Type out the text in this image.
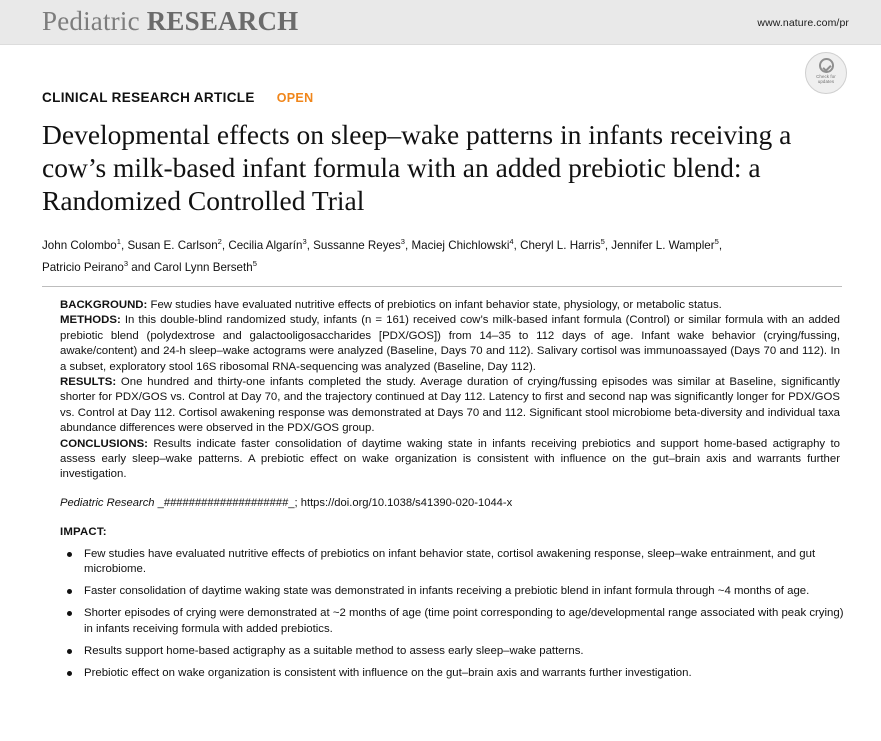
Pediatric RESEARCH	www.nature.com/pr
Check for
updates
CLINICAL RESEARCH ARTICLE OPEN
Developmental effects on sleep–wake patterns in infants receiving a cow’s milk-based infant formula with an added prebiotic blend: a Randomized Controlled Trial
John Colombo$^1$, Susan E. Carlson$^2$, Cecilia Algarín$^3$, Sussanne Reyes$^3$, Maciej Chichlowski$^4$, Cheryl L. Harris$^5$, Jennifer L. Wampler$^5$,
Patricio Peirano$^3$ and Carol Lynn Berseth$^5$

BACKGROUND: Few studies have evaluated nutritive effects of prebiotics on infant behavior state, physiology, or metabolic status.

METHODS: In this double-blind randomized study, infants (n = 161) received cow’s milk-based infant formula (Control) or similar formula with an added prebiotic blend (polydextrose and galactooligosaccharides [PDX/GOS]) from 14–35 to 112 days of age. Infant wake behavior (crying/fussing, awake/content) and 24-h sleep–wake actograms were analyzed (Baseline, Days 70 and 112). Salivary cortisol was immunoassayed (Days 70 and 112). In a subset, exploratory stool 16S ribosomal RNA-sequencing was analyzed (Baseline, Day 112).

RESULTS: One hundred and thirty-one infants completed the study. Average duration of crying/fussing episodes was similar at Baseline, significantly shorter for PDX/GOS vs. Control at Day 70, and the trajectory continued at Day 112. Latency to first and second nap was significantly longer for PDX/GOS vs. Control at Day 112. Cortisol awakening response was demonstrated at Days 70 and 112. Significant stool microbiome beta-diversity and individual taxa abundance differences were observed in the PDX/GOS group.

CONCLUSIONS: Results indicate faster consolidation of daytime waking state in infants receiving prebiotics and support home-based actigraphy to assess early sleep–wake patterns. A prebiotic effect on wake organization is consistent with influence on the gut–brain axis and warrants further investigation.

Pediatric Research _####################_; https://doi.org/10.1038/s41390-020-1044-x
IMPACT:
Few studies have evaluated nutritive effects of prebiotics on infant behavior state, cortisol awakening response, sleep–wake entrainment, and gut microbiome.
Faster consolidation of daytime waking state was demonstrated in infants receiving a prebiotic blend in infant formula through ~4 months of age.
Shorter episodes of crying were demonstrated at ~2 months of age (time point corresponding to age/developmental range associated with peak crying) in infants receiving formula with added prebiotics.
Results support home-based actigraphy as a suitable method to assess early sleep–wake patterns.
Prebiotic effect on wake organization is consistent with influence on the gut–brain axis and warrants further investigation.
